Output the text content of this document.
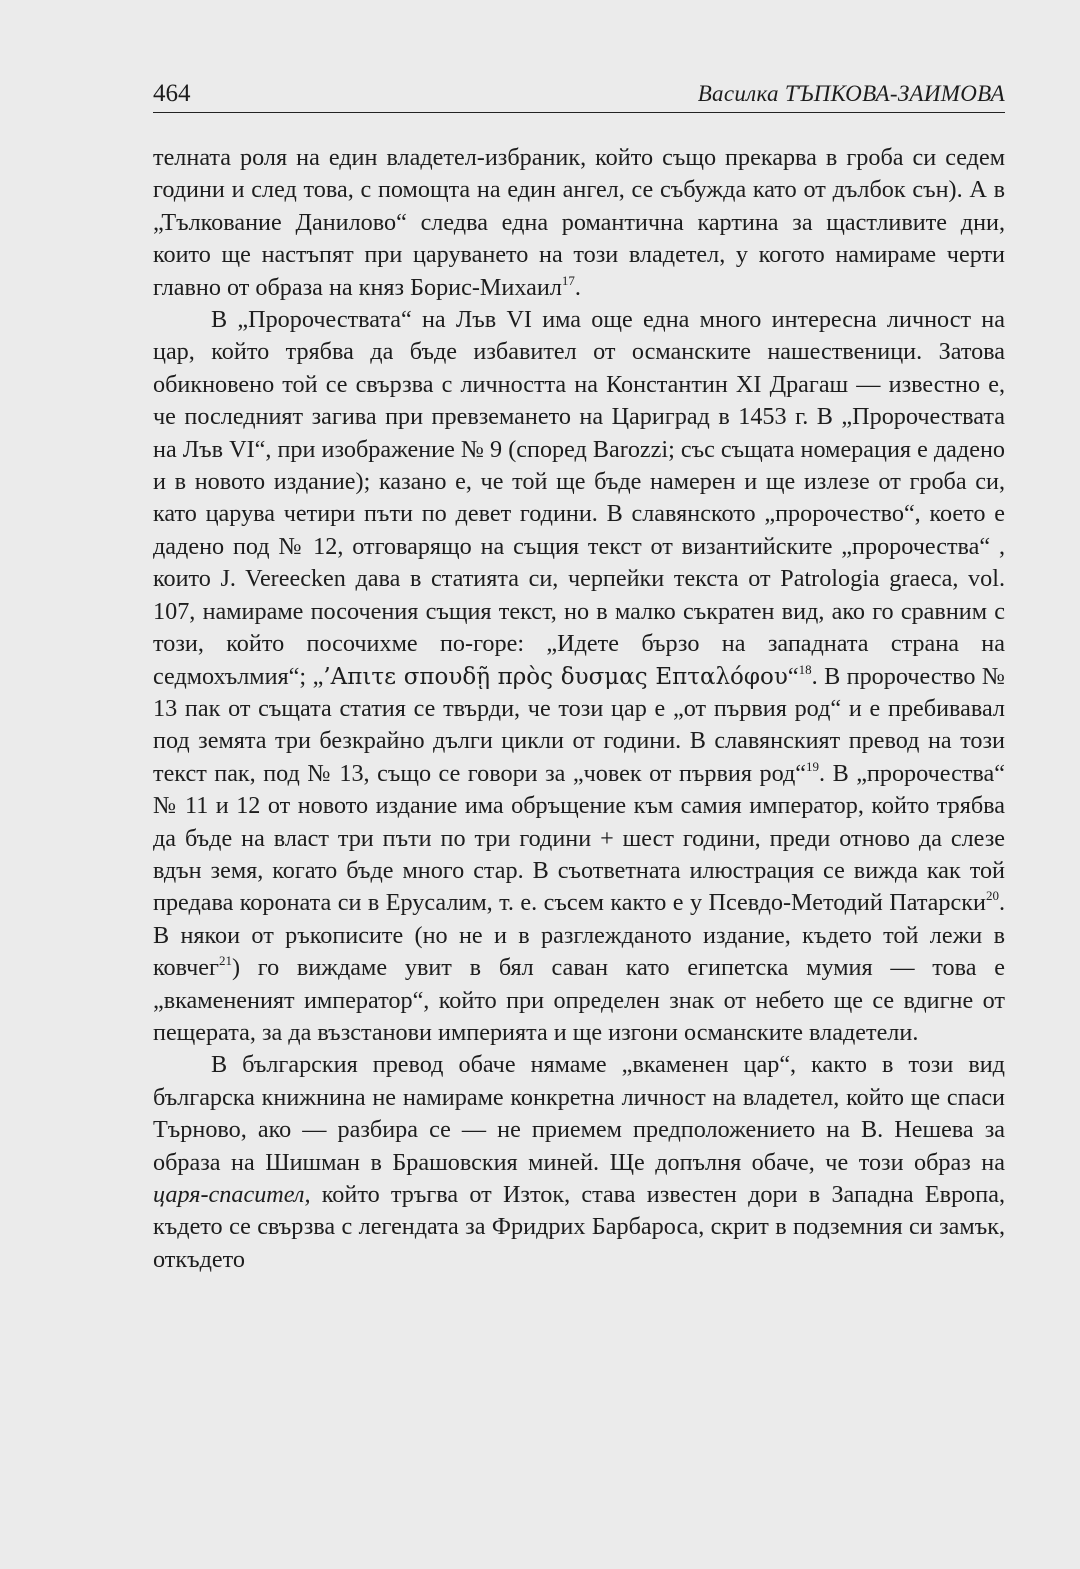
464	Василка ТЪПКОВА-ЗАИМОВА

телната роля на един владетел-избраник, който също прекарва в гроба си седем години и след това, с помощта на един ангел, се събужда като от дълбок сън). А в „Тълкование Данилово“ следва една романтична картина за щастливите дни, които ще настъпят при царуването на този владетел, у когото намираме черти главно от образа на княз Борис-Михаил$^{17}$.

В „Пророчествата“ на Лъв VI има още една много интересна личност на цар, който трябва да бъде избавител от османските нашественици. Затова обикновено той се свързва с личността на Константин XI Драгаш — известно е, че последният загива при превземането на Цариград в 1453 г. В „Пророчествата на Лъв VI“, при изображение № 9 (според Barozzi; със същата номерация е дадено и в новото издание); казано е, че той ще бъде намерен и ще излезе от гроба си, като царува четири пъти по девет години. В славянското „пророчество“, което е дадено под № 12, отговарящо на същия текст от византийските „пророчества“ , които J. Vereecken дава в статията си, черпейки текста от Patrologia graeca, vol. 107, намираме посочения същия текст, но в малко съкратен вид, ако го сравним с този, който посочихме по-горе: „Идете бързо на западната страна на седмохълмия“; „’Απιτε σπουδῇ πρὸς δυσμας Επταλόφου“$^{18}$. В пророчество № 13 пак от същата статия се твърди, че този цар е „от първия род“ и е пребивавал под земята три безкрайно дълги цикли от години. В славянският превод на този текст пак, под № 13, също се говори за „човек от първия род“$^{19}$. В „пророчества“ № 11 и 12 от новото издание има обръщение към самия император, който трябва да бъде на власт три пъти по три години + шест години, преди отново да слезе вдън земя, когато бъде много стар. В съответната илюстрация се вижда как той предава короната си в Ерусалим, т. е. съсем както е у Псевдо-Методий Патарски$^{20}$. В някои от ръкописите (но не и в разглежданото издание, където той лежи в ковчег$^{21}$) го виждаме увит в бял саван като египетска мумия — това е „вкамененият император“, който при определен знак от небето ще се вдигне от пещерата, за да възстанови империята и ще изгони османските владетели.

В българския превод обаче нямаме „вкаменен цар“, както в този вид българска книжнина не намираме конкретна личност на владетел, който ще спаси Търново, ако — разбира се — не приемем предположението на В. Нешева за образа на Шишман в Брашовския миней. Ще допълня обаче, че този образ на царя-спасител, който тръгва от Изток, става известен дори в Западна Европа, където се свързва с легендата за Фридрих Барбароса, скрит в подземния си замък, откъдето
